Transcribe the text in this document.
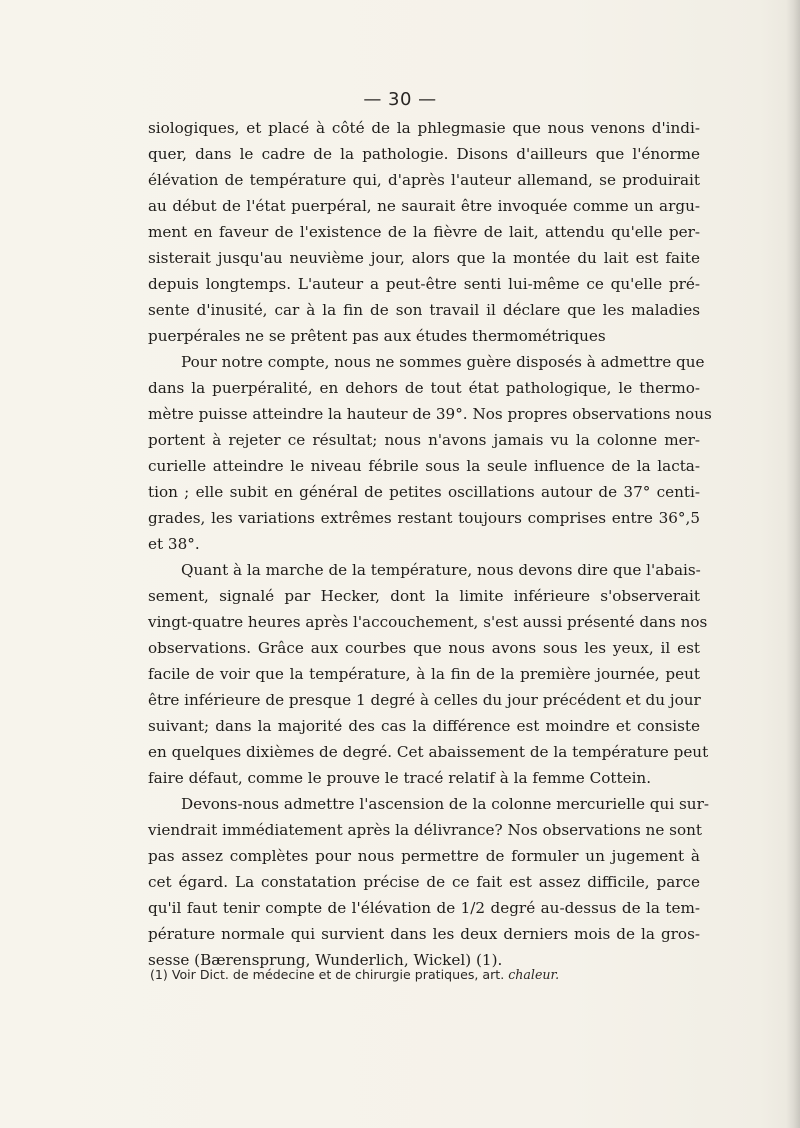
— 30 —
siologiques, et placé à côté de la phlegmasie que nous venons d'indi-
quer, dans le cadre de la pathologie. Disons d'ailleurs que l'énorme
élévation de température qui, d'après l'auteur allemand, se produirait
au début de l'état puerpéral, ne saurait être invoquée comme un argu-
ment en faveur de l'existence de la fièvre de lait, attendu qu'elle per-
sisterait jusqu'au neuvième jour, alors que la montée du lait est faite
depuis longtemps. L'auteur a peut-être senti lui-même ce qu'elle pré-
sente d'inusité, car à la fin de son travail il déclare que les maladies
puerpérales ne se prêtent pas aux études thermométriques
Pour notre compte, nous ne sommes guère disposés à admettre que
dans la puerpéralité, en dehors de tout état pathologique, le thermo-
mètre puisse atteindre la hauteur de 39°. Nos propres observations nous
portent à rejeter ce résultat; nous n'avons jamais vu la colonne mer-
curielle atteindre le niveau fébrile sous la seule influence de la lacta-
tion ; elle subit en général de petites oscillations autour de 37° centi-
grades, les variations extrêmes restant toujours comprises entre 36°,5
et 38°.
Quant à la marche de la température, nous devons dire que l'abais-
sement, signalé par Hecker, dont la limite inférieure s'observerait
vingt-quatre heures après l'accouchement, s'est aussi présenté dans nos
observations. Grâce aux courbes que nous avons sous les yeux, il est
facile de voir que la température, à la fin de la première journée, peut
être inférieure de presque 1 degré à celles du jour précédent et du jour
suivant; dans la majorité des cas la différence est moindre et consiste
en quelques dixièmes de degré. Cet abaissement de la température peut
faire défaut, comme le prouve le tracé relatif à la femme Cottein.
Devons-nous admettre l'ascension de la colonne mercurielle qui sur-
viendrait immédiatement après la délivrance? Nos observations ne sont
pas assez complètes pour nous permettre de formuler un jugement à
cet égard. La constatation précise de ce fait est assez difficile, parce
qu'il faut tenir compte de l'élévation de 1/2 degré au-dessus de la tem-
pérature normale qui survient dans les deux derniers mois de la gros-
sesse (Bærensprung, Wunderlich, Wickel) (1).
(1) Voir Dict. de médecine et de chirurgie pratiques, art. chaleur.
